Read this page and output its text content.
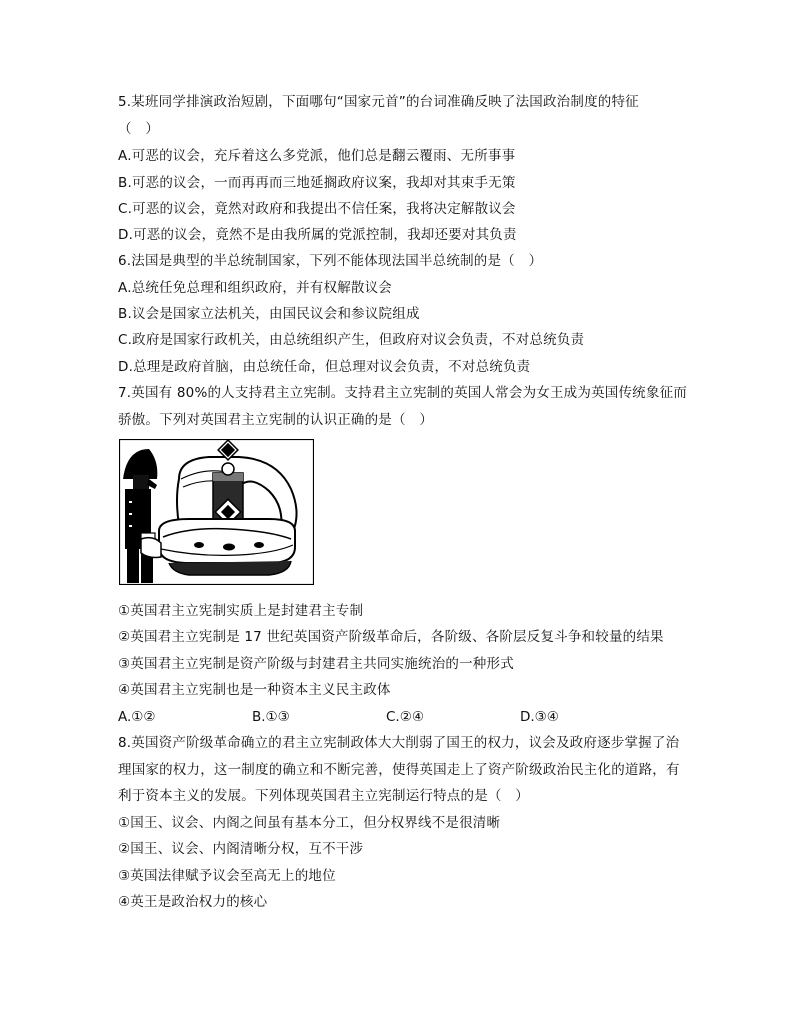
5.某班同学排演政治短剧，下面哪句“国家元首”的台词准确反映了法国政治制度的特征
（　）
A.可恶的议会，充斥着这么多党派，他们总是翻云覆雨、无所事事
B.可恶的议会，一而再再而三地延搁政府议案，我却对其束手无策
C.可恶的议会，竟然对政府和我提出不信任案，我将决定解散议会
D.可恶的议会，竟然不是由我所属的党派控制，我却还要对其负责
6.法国是典型的半总统制国家，下列不能体现法国半总统制的是（　）
A.总统任免总理和组织政府，并有权解散议会
B.议会是国家立法机关，由国民议会和参议院组成
C.政府是国家行政机关，由总统组织产生，但政府对议会负责，不对总统负责
D.总理是政府首脑，由总统任命，但总理对议会负责，不对总统负责
7.英国有 80%的人支持君主立宪制。支持君主立宪制的英国人常会为女王成为英国传统象征而
骄傲。下列对英国君主立宪制的认识正确的是（　）
①英国君主立宪制实质上是封建君主专制
②英国君主立宪制是 17 世纪英国资产阶级革命后，各阶级、各阶层反复斗争和较量的结果
③英国君主立宪制是资产阶级与封建君主共同实施统治的一种形式
④英国君主立宪制也是一种资本主义民主政体
A.①②	B.①③	C.②④	D.③④
8.英国资产阶级革命确立的君主立宪制政体大大削弱了国王的权力，议会及政府逐步掌握了治
理国家的权力，这一制度的确立和不断完善，使得英国走上了资产阶级政治民主化的道路，有
利于资本主义的发展。下列体现英国君主立宪制运行特点的是（　）
①国王、议会、内阁之间虽有基本分工，但分权界线不是很清晰
②国王、议会、内阁清晰分权，互不干涉
③英国法律赋予议会至高无上的地位
④英王是政治权力的核心
